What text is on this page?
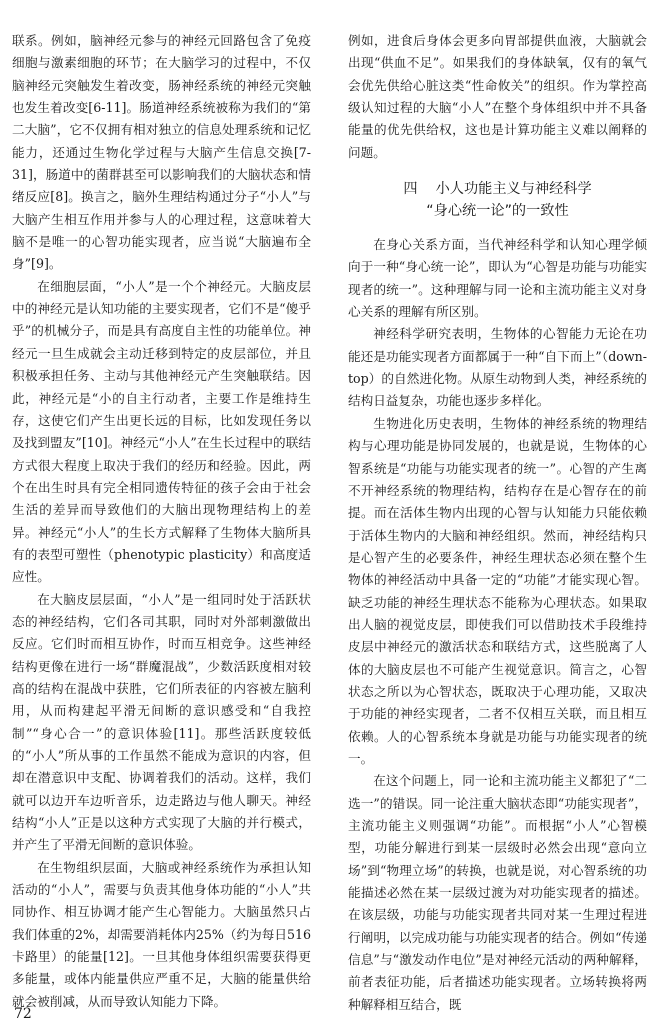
联系。例如，脑神经元参与的神经元回路包含了免疫细胞与激素细胞的环节；在大脑学习的过程中，不仅脑神经元突触发生着改变，肠神经系统的神经元突触也发生着改变[6-11]。肠道神经系统被称为我们的“第二大脑”，它不仅拥有相对独立的信息处理系统和记忆能力，还通过生物化学过程与大脑产生信息交换[7-31]，肠道中的菌群甚至可以影响我们的大脑状态和情绪反应[8]。换言之，脑外生理结构通过分子“小人”与大脑产生相互作用并参与人的心理过程，这意味着大脑不是唯一的心智功能实现者，应当说“大脑遍布全身”[9]。

在细胞层面，“小人”是一个个神经元。大脑皮层中的神经元是认知功能的主要实现者，它们不是“傻乎乎”的机械分子，而是具有高度自主性的功能单位。神经元一旦生成就会主动迁移到特定的皮层部位，并且积极承担任务、主动与其他神经元产生突触联结。因此，神经元是“小的自主行动者，主要工作是维持生存，这使它们产生出更长远的目标，比如发现任务以及找到盟友”[10]。神经元“小人”在生长过程中的联结方式很大程度上取决于我们的经历和经验。因此，两个在出生时具有完全相同遗传特征的孩子会由于社会生活的差异而导致他们的大脑出现物理结构上的差异。神经元“小人”的生长方式解释了生物体大脑所具有的表型可塑性（phenotypic plasticity）和高度适应性。

在大脑皮层层面，“小人”是一组同时处于活跃状态的神经结构，它们各司其职，同时对外部刺激做出反应。它们时而相互协作，时而互相竞争。这些神经结构更像在进行一场“群魔混战”，少数活跃度相对较高的结构在混战中获胜，它们所表征的内容被左脑利用，从而构建起平滑无间断的意识感受和“自我控制”“身心合一”的意识体验[11]。那些活跃度较低的“小人”所从事的工作虽然不能成为意识的内容，但却在潜意识中支配、协调着我们的活动。这样，我们就可以边开车边听音乐，边走路边与他人聊天。神经结构“小人”正是以这种方式实现了大脑的并行模式，并产生了平滑无间断的意识体验。

在生物组织层面，大脑或神经系统作为承担认知活动的“小人”，需要与负责其他身体功能的“小人”共同协作、相互协调才能产生心智能力。大脑虽然只占我们体重的2%，却需要消耗体内25%（约为每日516卡路里）的能量[12]。一旦其他身体组织需要获得更多能量，或体内能量供应严重不足，大脑的能量供给就会被削减，从而导致认知能力下降。

例如，进食后身体会更多向胃部提供血液，大脑就会出现“供血不足”。如果我们的身体缺氧，仅有的氧气会优先供给心脏这类“性命攸关”的组织。作为掌控高级认知过程的大脑“小人”在整个身体组织中并不具备能量的优先供给权，这也是计算功能主义难以阐释的问题。

四 小人功能主义与神经科学
“身心统一论”的一致性

在身心关系方面，当代神经科学和认知心理学倾向于一种“身心统一论”，即认为“心智是功能与功能实现者的统一”。这种理解与同一论和主流功能主义对身心关系的理解有所区别。

神经科学研究表明，生物体的心智能力无论在功能还是功能实现者方面都属于一种“自下而上”（down-top）的自然进化物。从原生动物到人类，神经系统的结构日益复杂，功能也逐步多样化。

生物进化历史表明，生物体的神经系统的物理结构与心理功能是协同发展的，也就是说，生物体的心智系统是“功能与功能实现者的统一”。心智的产生离不开神经系统的物理结构，结构存在是心智存在的前提。而在活体生物内出现的心智与认知能力只能依赖于活体生物内的大脑和神经组织。然而，神经结构只是心智产生的必要条件，神经生理状态必须在整个生物体的神经活动中具备一定的“功能”才能实现心智。缺乏功能的神经生理状态不能称为心理状态。如果取出人脑的视觉皮层，即使我们可以借助技术手段维持皮层中神经元的激活状态和联结方式，这些脱离了人体的大脑皮层也不可能产生视觉意识。简言之，心智状态之所以为心智状态，既取决于心理功能，又取决于功能的神经实现者，二者不仅相互关联，而且相互依赖。人的心智系统本身就是功能与功能实现者的统一。

在这个问题上，同一论和主流功能主义都犯了“二选一”的错误。同一论注重大脑状态即“功能实现者”，主流功能主义则强调“功能”。而根据“小人”心智模型，功能分解进行到某一层级时必然会出现“意向立场”到“物理立场”的转换，也就是说，对心智系统的功能描述必然在某一层级过渡为对功能实现者的描述。在该层级，功能与功能实现者共同对某一生理过程进行阐明，以完成功能与功能实现者的结合。例如“传递信息”与“激发动作电位”是对神经元活动的两种解释，前者表征功能，后者描述功能实现者。立场转换将两种解释相互结合，既

72
